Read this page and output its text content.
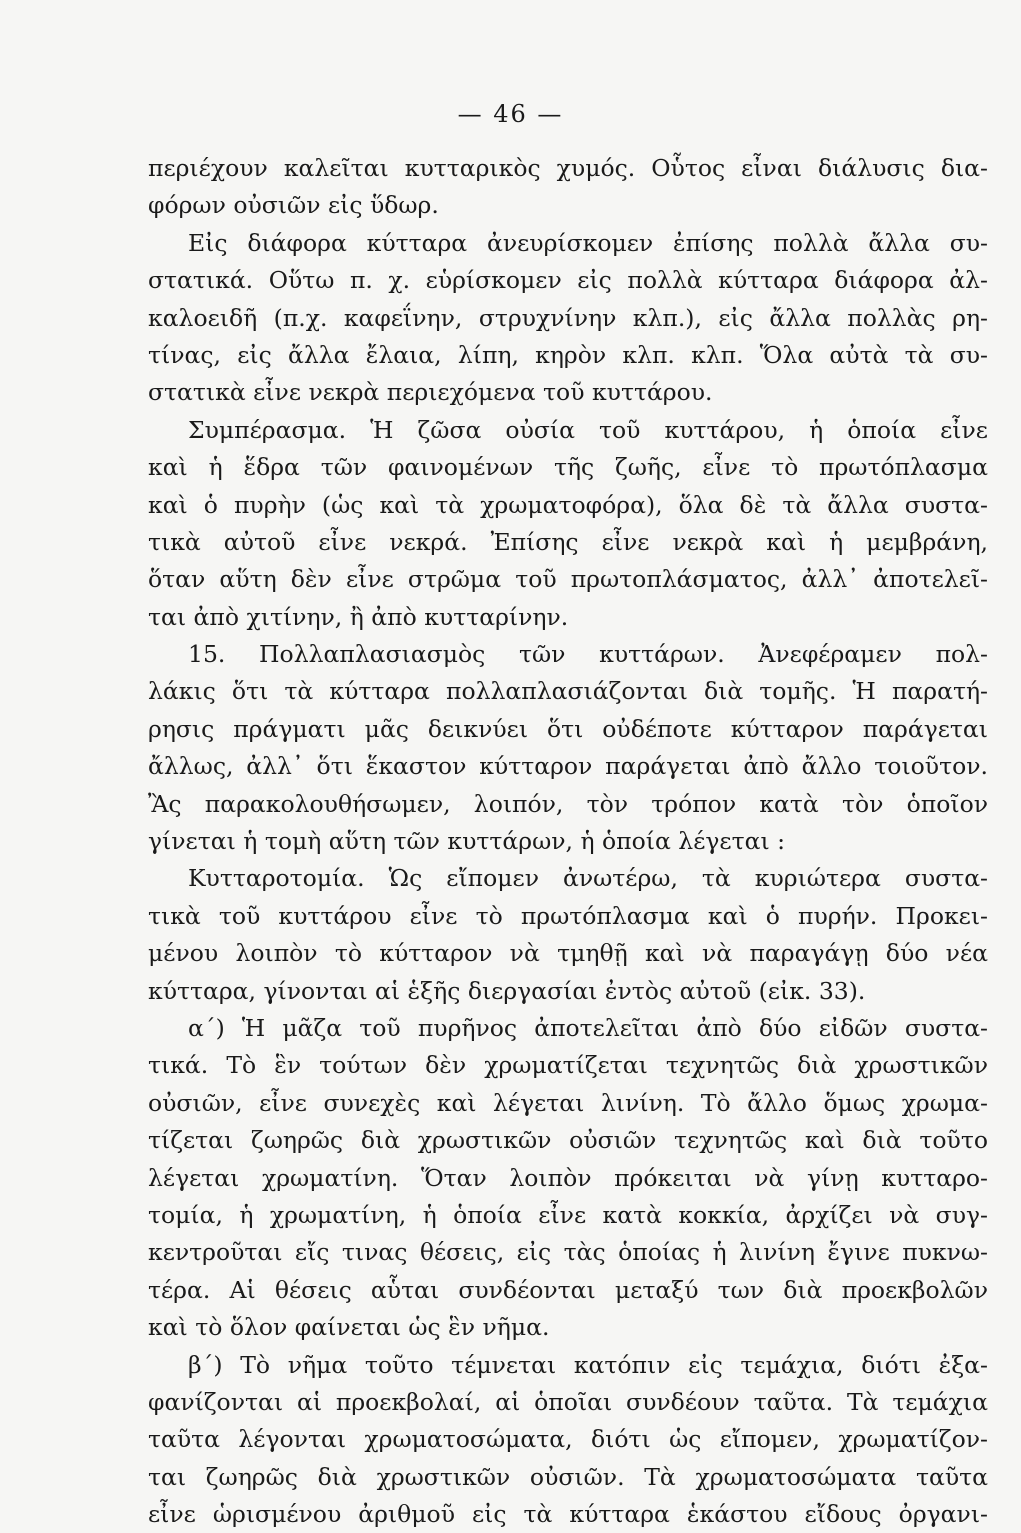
— 46 —
περιέχουν καλεῖται κυτταρικὸς χυμός. Οὗτος εἶναι διάλυσις δια-
φόρων οὐσιῶν εἰς ὕδωρ.
Εἰς διάφορα κύτταρα ἀνευρίσκομεν ἐπίσης πολλὰ ἄλλα συ-
στατικά. Οὕτω π. χ. εὑρίσκομεν εἰς πολλὰ κύτταρα διάφορα ἀλ-
καλοειδῆ (π.χ. καφεΐνην, στρυχνίνην κλπ.), εἰς ἄλλα πολλὰς ρη-
τίνας, εἰς ἄλλα ἔλαια, λίπη, κηρὸν κλπ. κλπ. Ὅλα αὐτὰ τὰ συ-
στατικὰ εἶνε νεκρὰ περιεχόμενα τοῦ κυττάρου.
Συμπέρασμα. Ἡ ζῶσα οὐσία τοῦ κυττάρου, ἡ ὁποία εἶνε
καὶ ἡ ἕδρα τῶν φαινομένων τῆς ζωῆς, εἶνε τὸ πρωτόπλασμα
καὶ ὁ πυρὴν (ὡς καὶ τὰ χρωματοφόρα), ὅλα δὲ τὰ ἄλλα συστα-
τικὰ αὐτοῦ εἶνε νεκρά. Ἐπίσης εἶνε νεκρὰ καὶ ἡ μεμβράνη,
ὅταν αὕτη δὲν εἶνε στρῶμα τοῦ πρωτοπλάσματος, ἀλλ᾿ ἀποτελεῖ-
ται ἀπὸ χιτίνην, ἢ ἀπὸ κυτταρίνην.
15. Πολλαπλασιασμὸς τῶν κυττάρων. Ἀνεφέραμεν πολ-
λάκις ὅτι τὰ κύτταρα πολλαπλασιάζονται διὰ τομῆς. Ἡ παρατή-
ρησις πράγματι μᾶς δεικνύει ὅτι οὐδέποτε κύτταρον παράγεται
ἄλλως, ἀλλ᾿ ὅτι ἕκαστον κύτταρον παράγεται ἀπὸ ἄλλο τοιοῦτον.
Ἂς παρακολουθήσωμεν, λοιπόν, τὸν τρόπον κατὰ τὸν ὁποῖον
γίνεται ἡ τομὴ αὕτη τῶν κυττάρων, ἡ ὁποία λέγεται :
Κυτταροτομία. Ὡς εἴπομεν ἀνωτέρω, τὰ κυριώτερα συστα-
τικὰ τοῦ κυττάρου εἶνε τὸ πρωτόπλασμα καὶ ὁ πυρήν. Προκει-
μένου λοιπὸν τὸ κύτταρον νὰ τμηθῇ καὶ νὰ παραγάγῃ δύο νέα
κύτταρα, γίνονται αἱ ἑξῆς διεργασίαι ἐντὸς αὐτοῦ (εἰκ. 33).
α΄) Ἡ μᾶζα τοῦ πυρῆνος ἀποτελεῖται ἀπὸ δύο εἰδῶν συστα-
τικά. Τὸ ἓν τούτων δὲν χρωματίζεται τεχνητῶς διὰ χρωστικῶν
οὐσιῶν, εἶνε συνεχὲς καὶ λέγεται λινίνη. Τὸ ἄλλο ὅμως χρωμα-
τίζεται ζωηρῶς διὰ χρωστικῶν οὐσιῶν τεχνητῶς καὶ διὰ τοῦτο
λέγεται χρωματίνη. Ὅταν λοιπὸν πρόκειται νὰ γίνῃ κυτταρο-
τομία, ἡ χρωματίνη, ἡ ὁποία εἶνε κατὰ κοκκία, ἀρχίζει νὰ συγ-
κεντροῦται εἴς τινας θέσεις, εἰς τὰς ὁποίας ἡ λινίνη ἔγινε πυκνω-
τέρα. Αἱ θέσεις αὗται συνδέονται μεταξύ των διὰ προεκβολῶν
καὶ τὸ ὅλον φαίνεται ὡς ἓν νῆμα.
β΄) Τὸ νῆμα τοῦτο τέμνεται κατόπιν εἰς τεμάχια, διότι ἐξα-
φανίζονται αἱ προεκβολαί, αἱ ὁποῖαι συνδέουν ταῦτα. Τὰ τεμάχια
ταῦτα λέγονται χρωματοσώματα, διότι ὡς εἴπομεν, χρωματίζον-
ται ζωηρῶς διὰ χρωστικῶν οὐσιῶν. Τὰ χρωματοσώματα ταῦτα
εἶνε ὡρισμένου ἀριθμοῦ εἰς τὰ κύτταρα ἑκάστου εἴδους ὀργανι-
